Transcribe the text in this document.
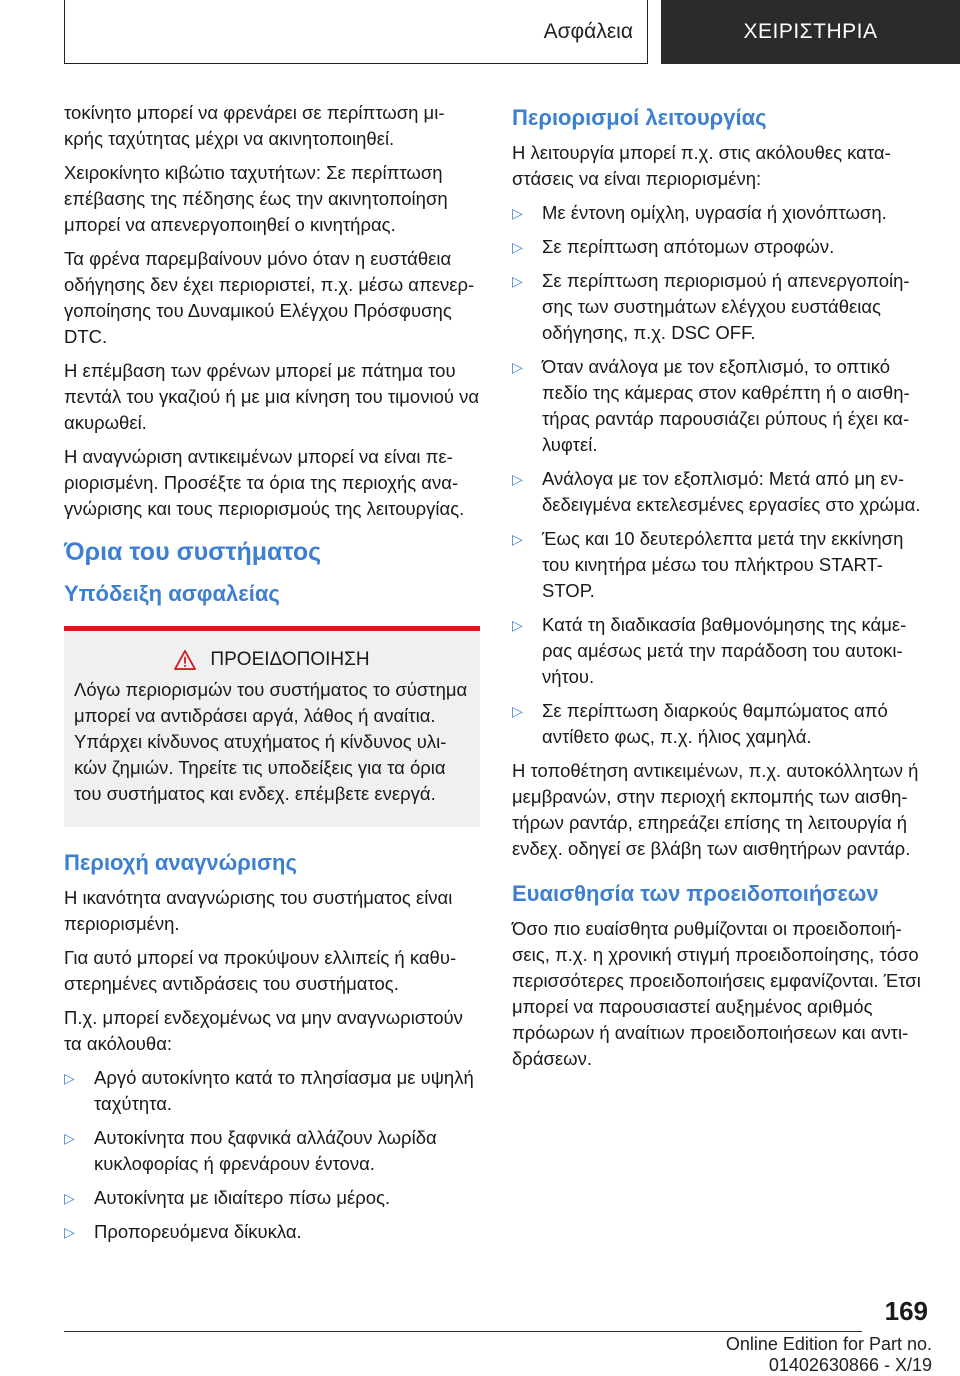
Ασφάλεια	ΧΕΙΡΙΣΤΗΡΙΑ

τοκίνητο μπορεί να φρενάρει σε περίπτωση μι-κρής ταχύτητας μέχρι να ακινητοποιηθεί.

Χειροκίνητο κιβώτιο ταχυτήτων: Σε περίπτωση επέβασης της πέδησης έως την ακινητοποίηση μπορεί να απενεργοποιηθεί ο κινητήρας.

Τα φρένα παρεμβαίνουν μόνο όταν η ευστάθεια οδήγησης δεν έχει περιοριστεί, π.χ. μέσω απενερ-γοποίησης του Δυναμικού Ελέγχου Πρόσφυσης DTC.

Η επέμβαση των φρένων μπορεί με πάτημα του πεντάλ του γκαζιού ή με μια κίνηση του τιμονιού να ακυρωθεί.

Η αναγνώριση αντικειμένων μπορεί να είναι πε-ριορισμένη. Προσέξτε τα όρια της περιοχής ανα-γνώρισης και τους περιορισμούς της λειτουργίας.

Όρια του συστήματος
Υπόδειξη ασφαλείας
ΠΡΟΕΙΔΟΠΟΙΗΣΗ

Λόγω περιορισμών του συστήματος το σύστημα μπορεί να αντιδράσει αργά, λάθος ή αναίτια. Υπάρχει κίνδυνος ατυχήματος ή κίνδυνος υλι-κών ζημιών. Τηρείτε τις υποδείξεις για τα όρια του συστήματος και ενδεχ. επέμβετε ενεργά.

Περιοχή αναγνώρισης

Η ικανότητα αναγνώρισης του συστήματος είναι περιορισμένη.

Για αυτό μπορεί να προκύψουν ελλιπείς ή καθυ-στερημένες αντιδράσεις του συστήματος.

Π.χ. μπορεί ενδεχομένως να μην αναγνωριστούν τα ακόλουθα:

▷ Αργό αυτοκίνητο κατά το πλησίασμα με υψηλή ταχύτητα.
▷ Αυτοκίνητα που ξαφνικά αλλάζουν λωρίδα κυκλοφορίας ή φρενάρουν έντονα.
▷ Αυτοκίνητα με ιδιαίτερο πίσω μέρος.
▷ Προπορευόμενα δίκυκλα.
Περιορισμοί λειτουργίας

Η λειτουργία μπορεί π.χ. στις ακόλουθες κατα-στάσεις να είναι περιορισμένη:

▷ Με έντονη ομίχλη, υγρασία ή χιονόπτωση.
▷ Σε περίπτωση απότομων στροφών.
▷ Σε περίπτωση περιορισμού ή απενεργοποίη-σης των συστημάτων ελέγχου ευστάθειας οδήγησης, π.χ. DSC OFF.
▷ Όταν ανάλογα με τον εξοπλισμό, το οπτικό πεδίο της κάμερας στον καθρέπτη ή ο αισθη-τήρας ραντάρ παρουσιάζει ρύπους ή έχει κα-λυφτεί.
▷ Ανάλογα με τον εξοπλισμό: Μετά από μη εν-δεδειγμένα εκτελεσμένες εργασίες στο χρώμα.
▷ Έως και 10 δευτερόλεπτα μετά την εκκίνηση του κινητήρα μέσω του πλήκτρου START-STOP.
▷ Κατά τη διαδικασία βαθμονόμησης της κάμε-ρας αμέσως μετά την παράδοση του αυτοκι-νήτου.
▷ Σε περίπτωση διαρκούς θαμπώματος από αντίθετο φως, π.χ. ήλιος χαμηλά.

Η τοποθέτηση αντικειμένων, π.χ. αυτοκόλλητων ή μεμβρανών, στην περιοχή εκπομπής των αισθη-τήρων ραντάρ, επηρεάζει επίσης τη λειτουργία ή ενδεχ. οδηγεί σε βλάβη των αισθητήρων ραντάρ.

Ευαισθησία των προειδοποιήσεων

Όσο πιο ευαίσθητα ρυθμίζονται οι προειδοποιή-σεις, π.χ. η χρονική στιγμή προειδοποίησης, τόσο περισσότερες προειδοποιήσεις εμφανίζονται. Έτσι μπορεί να παρουσιαστεί αυξημένος αριθμός πρόωρων ή αναίτιων προειδοποιήσεων και αντι-δράσεων.

169
Online Edition for Part no. 01402630866 - X/19
